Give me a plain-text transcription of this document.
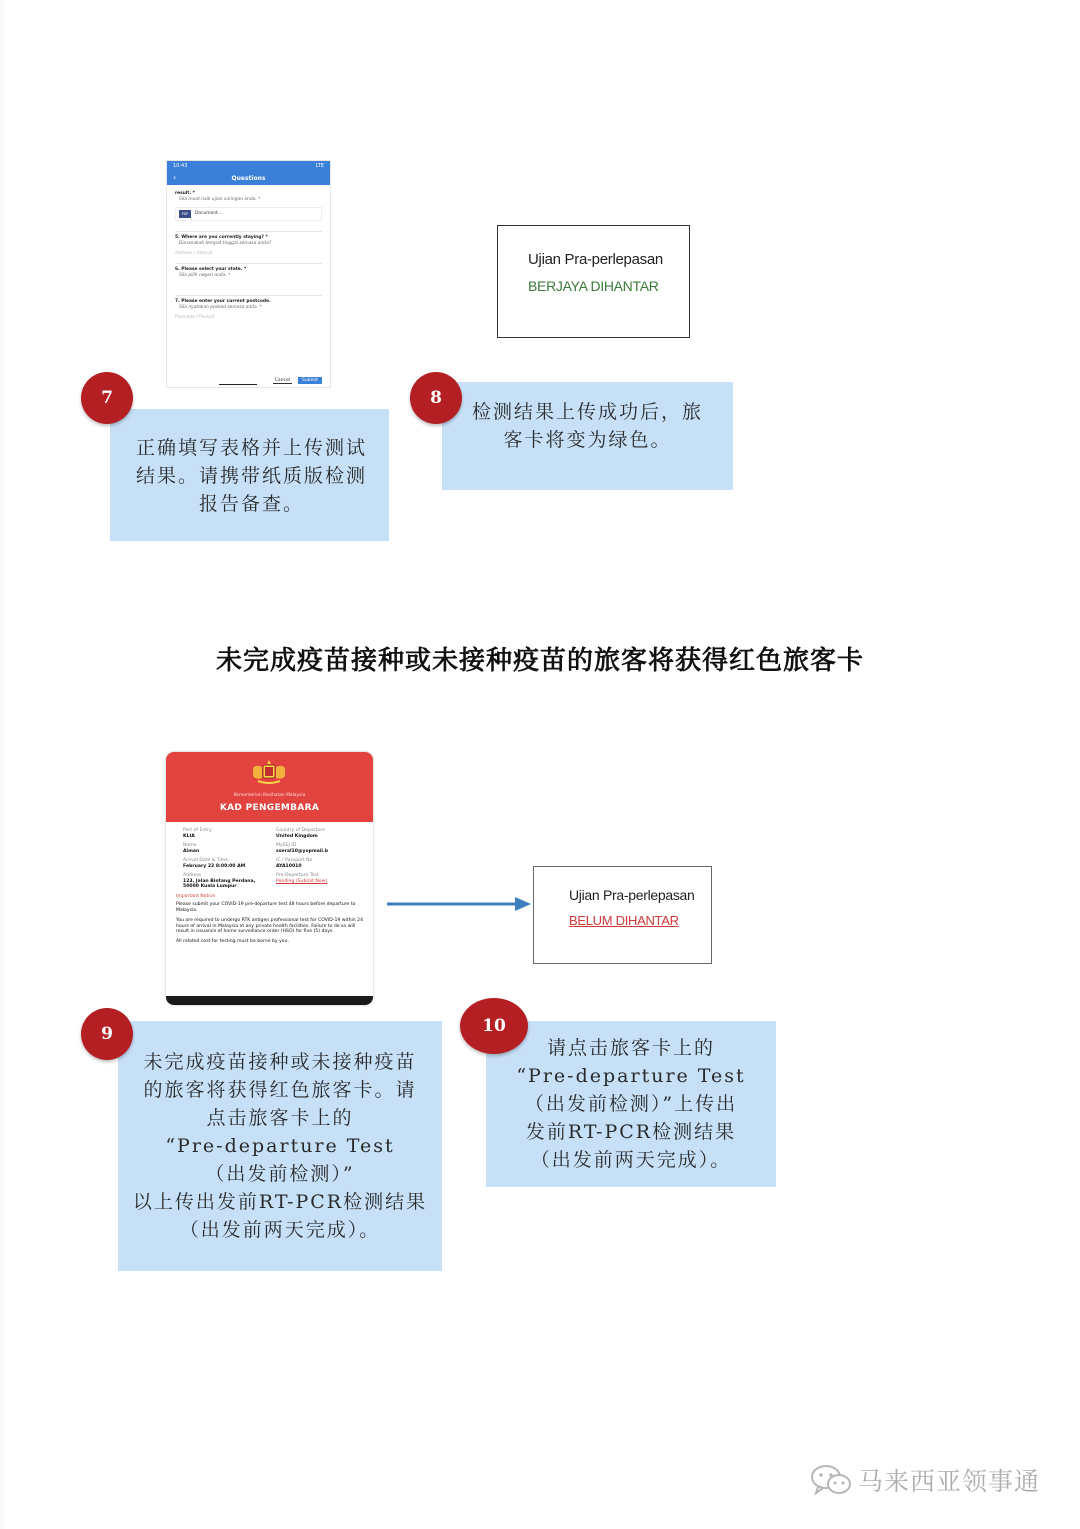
10:43	LTE
‹	Questions
result. *
Sila muat naik ujian saringan anda. *
PDF	Document...
5. Where are you currently staying? *
Dimanakah tempat tinggal semasa anda?
Address / Alamat
6. Please select your state. *
Sila pilih negeri anda. *
7. Please enter your current postcode.
Sila nyatakan poskod semasa anda. *
Postcode / Poskod
Cancel	Submit
7
正确填写表格并上传测试
结果。请携带纸质版检测
报告备查。
Ujian Pra-perlepasan
BERJAYA DIHANTAR
8
检测结果上传成功后，旅
客卡将变为绿色。
未完成疫苗接种或未接种疫苗的旅客将获得红色旅客卡
Kementerian Kesihatan Malaysia
KAD PENGEMBARA
Port of Entry
KLIA
Country of Departure
United Kingdom
Name
Aiman
MySEJ ID
sseral10@yopmail.b
Arrival Date & Time
February 22 8:00:00 AM
IC / Passport No
AYA10010
Address
123, Jalan Bintang Perdana, 50000 Kuala Lumpur
Pre-Departure Test
Pending (Submit Now)
Important Notice

Please submit your COVID-19 pre-departure test 48 hours before departure to Malaysia.

You are required to undergo RTK antigen professional test for COVID-19 within 24 hours of arrival in Malaysia at any private health facilities. Failure to do so will result in issuance of home surveillance order (HSO) for five (5) days.

All related cost for testing must be borne by you.

9
未完成疫苗接种或未接种疫苗
的旅客将获得红色旅客卡。请
点击旅客卡上的
“Pre-departure Test
（出发前检测）”
以上传出发前RT-PCR检测结果
（出发前两天完成）。
Ujian Pra-perlepasan
BELUM DIHANTAR
10
请点击旅客卡上的
“Pre-departure Test
（出发前检测）”上传出
发前RT-PCR检测结果
（出发前两天完成）。
马来西亚领事通
